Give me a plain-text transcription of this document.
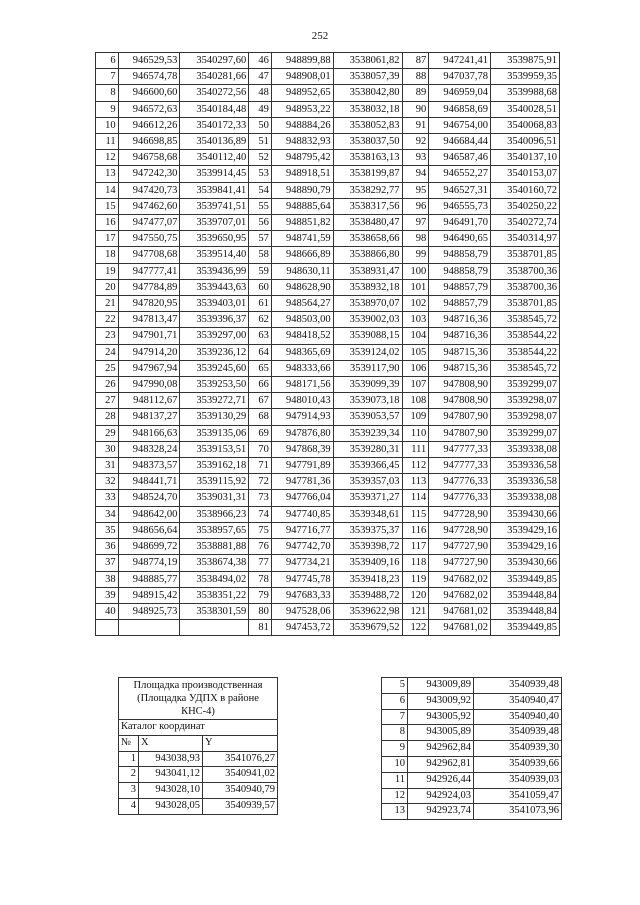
252
6	946529,53	3540297,60	46	948899,88	3538061,82	87	947241,41	3539875,91
7	946574,78	3540281,66	47	948908,01	3538057,39	88	947037,78	3539959,35
8	946600,60	3540272,56	48	948952,65	3538042,80	89	946959,04	3539988,68
9	946572,63	3540184,48	49	948953,22	3538032,18	90	946858,69	3540028,51
10	946612,26	3540172,33	50	948884,26	3538052,83	91	946754,00	3540068,83
11	946698,85	3540136,89	51	948832,93	3538037,50	92	946684,44	3540096,51
12	946758,68	3540112,40	52	948795,42	3538163,13	93	946587,46	3540137,10
13	947242,30	3539914,45	53	948918,51	3538199,87	94	946552,27	3540153,07
14	947420,73	3539841,41	54	948890,79	3538292,77	95	946527,31	3540160,72
15	947462,60	3539741,51	55	948885,64	3538317,56	96	946555,73	3540250,22
16	947477,07	3539707,01	56	948851,82	3538480,47	97	946491,70	3540272,74
17	947550,75	3539650,95	57	948741,59	3538658,66	98	946490,65	3540314,97
18	947708,68	3539514,40	58	948666,89	3538866,80	99	948858,79	3538701,85
19	947777,41	3539436,99	59	948630,11	3538931,47	100	948858,79	3538700,36
20	947784,89	3539443,63	60	948628,90	3538932,18	101	948857,79	3538700,36
21	947820,95	3539403,01	61	948564,27	3538970,07	102	948857,79	3538701,85
22	947813,47	3539396,37	62	948503,00	3539002,03	103	948716,36	3538545,72
23	947901,71	3539297,00	63	948418,52	3539088,15	104	948716,36	3538544,22
24	947914,20	3539236,12	64	948365,69	3539124,02	105	948715,36	3538544,22
25	947967,94	3539245,60	65	948333,66	3539117,90	106	948715,36	3538545,72
26	947990,08	3539253,50	66	948171,56	3539099,39	107	947808,90	3539299,07
27	948112,67	3539272,71	67	948010,43	3539073,18	108	947808,90	3539298,07
28	948137,27	3539130,29	68	947914,93	3539053,57	109	947807,90	3539298,07
29	948166,63	3539135,06	69	947876,80	3539239,34	110	947807,90	3539299,07
30	948328,24	3539153,51	70	947868,39	3539280,31	111	947777,33	3539338,08
31	948373,57	3539162,18	71	947791,89	3539366,45	112	947777,33	3539336,58
32	948441,71	3539115,92	72	947781,36	3539357,03	113	947776,33	3539336,58
33	948524,70	3539031,31	73	947766,04	3539371,27	114	947776,33	3539338,08
34	948642,00	3538966,23	74	947740,85	3539348,61	115	947728,90	3539430,66
35	948656,64	3538957,65	75	947716,77	3539375,37	116	947728,90	3539429,16
36	948699,72	3538881,88	76	947742,70	3539398,72	117	947727,90	3539429,16
37	948774,19	3538674,38	77	947734,21	3539409,16	118	947727,90	3539430,66
38	948885,77	3538494,02	78	947745,78	3539418,23	119	947682,02	3539449,85
39	948915,42	3538351,22	79	947683,33	3539488,72	120	947682,02	3539448,84
40	948925,73	3538301,59	80	947528,06	3539622,98	121	947681,02	3539448,84
			81	947453,72	3539679,52	122	947681,02	3539449,85
Площадка производственная (Площадка УДПХ в районе КНС-4)		
Каталог координат		
№	X	Y
1	943038,93	3541076,27
2	943041,12	3540941,02
3	943028,10	3540940,79
4	943028,05	3540939,57
5	943009,89	3540939,48
6	943009,92	3540940,47
7	943005,92	3540940,40
8	943005,89	3540939,48
9	942962,84	3540939,30
10	942962,81	3540939,66
11	942926,44	3540939,03
12	942924,03	3541059,47
13	942923,74	3541073,96
